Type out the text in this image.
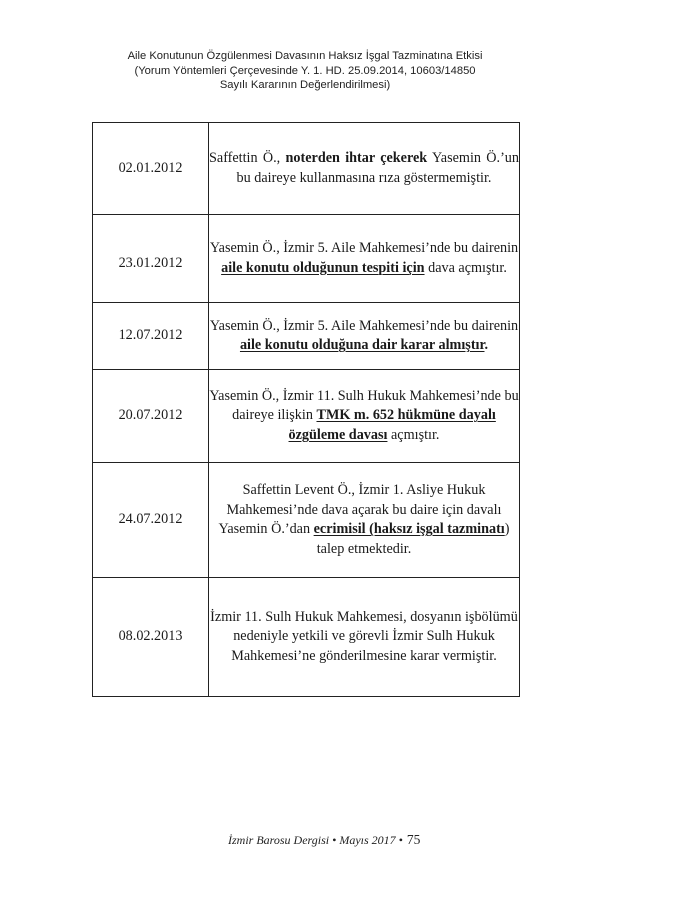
Aile Konutunun Özgülenmesi Davasının Haksız İşgal Tazminatına Etkisi
(Yorum Yöntemleri Çerçevesinde Y. 1. HD. 25.09.2014, 10603/14850
Sayılı Kararının Değerlendirilmesi)
02.01.2012	Saffettin Ö., noterden ihtar çekerek Yasemin Ö.’un bu daireye kullanmasına rıza göstermemiştir.

23.01.2012	Yasemin Ö., İzmir 5. Aile Mahkemesi’nde bu dairenin aile konutu olduğunun tespiti için dava açmıştır.

12.07.2012	Yasemin Ö., İzmir 5. Aile Mahkemesi’nde bu dairenin aile konutu olduğuna dair karar almıştır.

20.07.2012	Yasemin Ö., İzmir 11. Sulh Hukuk Mahkemesi’nde bu daireye ilişkin TMK m. 652 hükmüne dayalı özgüleme davası açmıştır.

24.07.2012	Saffettin Levent Ö., İzmir 1. Asliye Hukuk Mahkemesi’nde dava açarak bu daire için davalı Yasemin Ö.’dan ecrimisil (haksız işgal tazminatı) talep etmektedir.

08.02.2013	İzmir 11. Sulh Hukuk Mahkemesi, dosyanın işbölümü nedeniyle yetkili ve görevli İzmir Sulh Hukuk Mahkemesi’ne gönderilmesine karar vermiştir.
İzmir Barosu Dergisi • Mayıs 2017 • 75
